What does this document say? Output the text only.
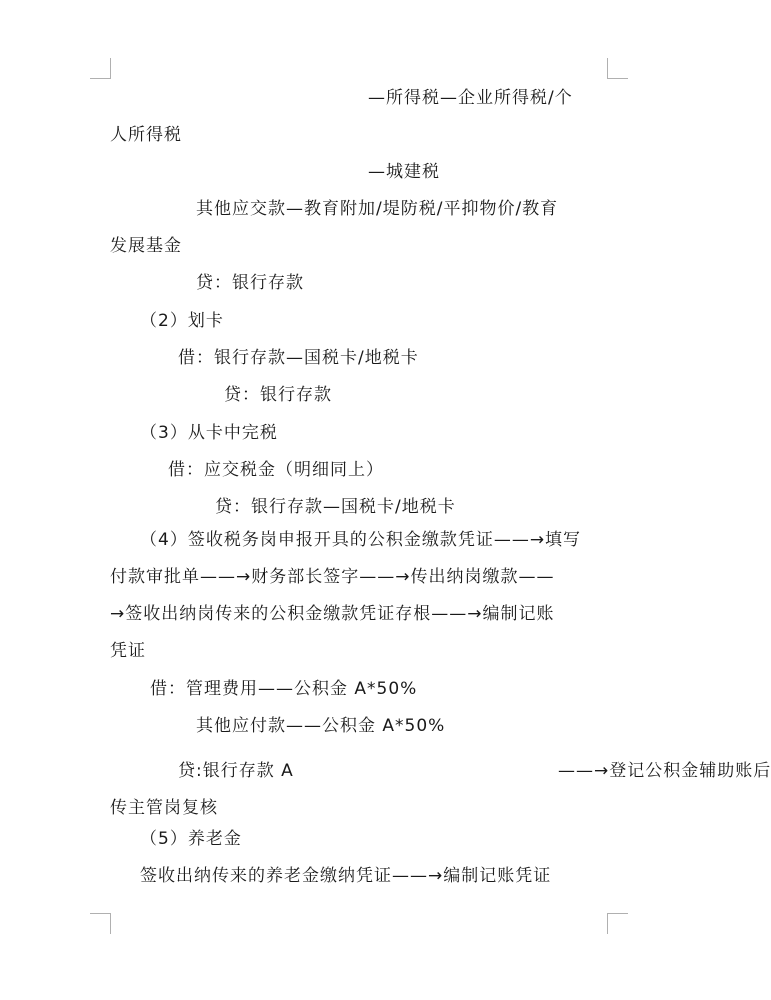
—所得税—企业所得税/个
人所得税
—城建税
其他应交款—教育附加/堤防税/平抑物价/教育
发展基金
贷：银行存款
（2）划卡
借：银行存款—国税卡/地税卡
贷：银行存款
（3）从卡中完税
借：应交税金（明细同上）
贷：银行存款—国税卡/地税卡
（4）签收税务岗申报开具的公积金缴款凭证——→填写
付款审批单——→财务部长签字——→传出纳岗缴款——
→签收出纳岗传来的公积金缴款凭证存根——→编制记账
凭证
借：管理费用——公积金 A*50%
其他应付款——公积金 A*50%
贷:银行存款 A	——→登记公积金辅助账后
传主管岗复核
（5）养老金
签收出纳传来的养老金缴纳凭证——→编制记账凭证
